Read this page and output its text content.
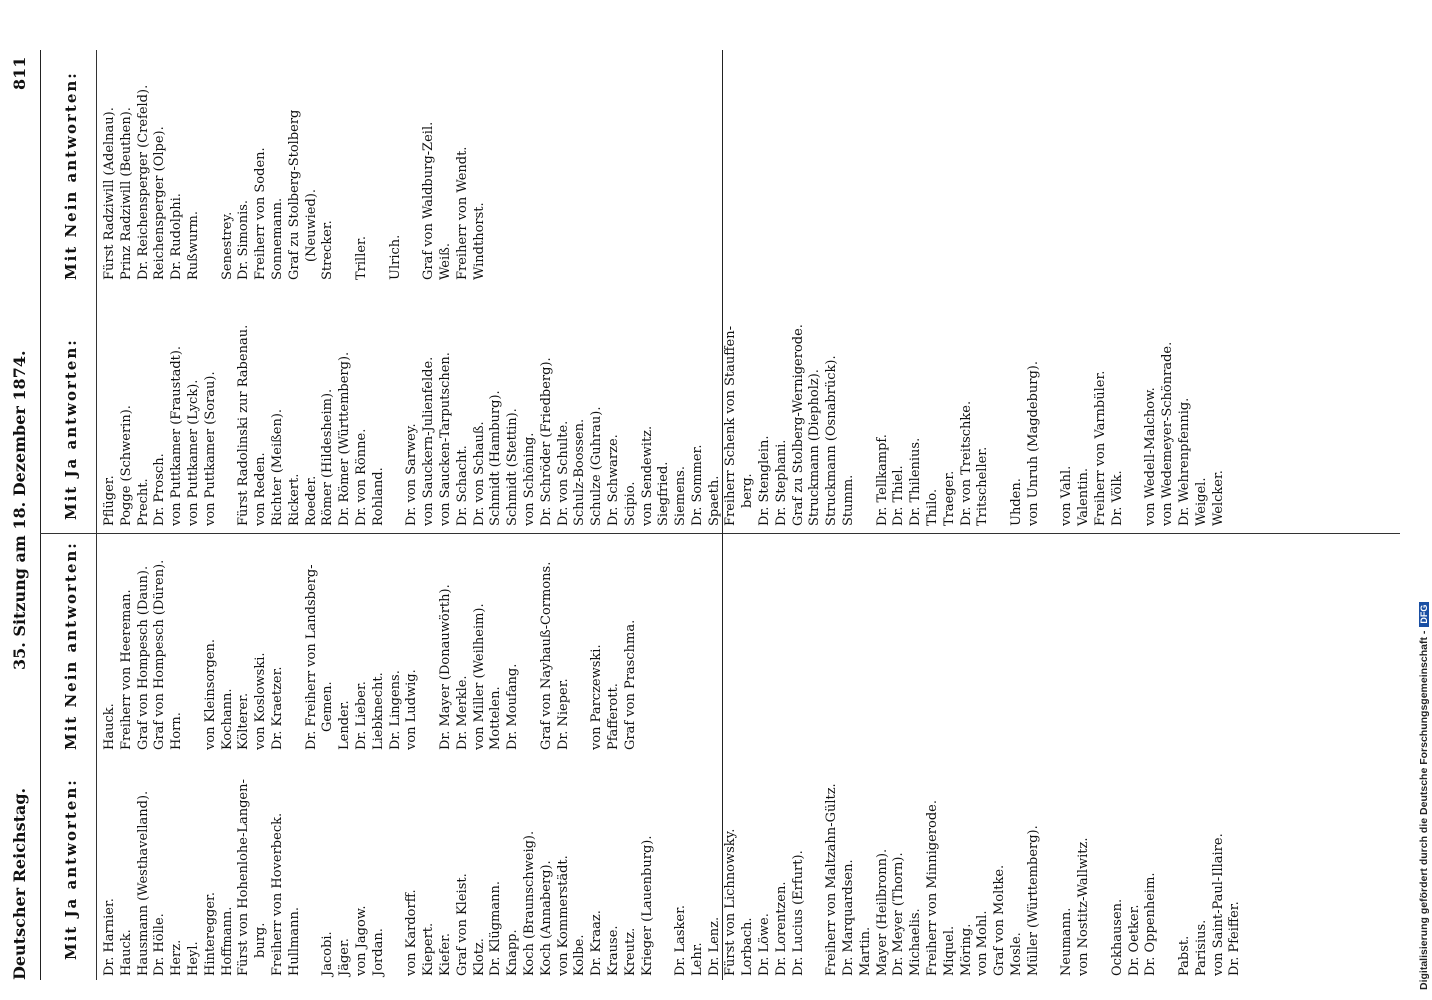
Deutscher Reichstag.
35. Sitzung am 18. Dezember 1874.
811
Mit Ja antworten:
Mit Nein antworten:
Mit Ja antworten:
Mit Nein antworten:
Dr. Harnier. Hauck. Hausmann (Westhavelland). Dr. Hölle. Herz. Heyl. Hinteregger. Hoffmann. Fürst von Hohenlohe-Langen- burg. Freiherr von Hoverbeck. Hullmann. Jacobi. Jäger. von Jagow. Jordan. von Kardorff. Kiepert. Kiefer. Graf von Kleist. Klotz. Dr. Klügmann. Knapp. Koch (Braunschweig). Koch (Annaberg). von Kommerstädt. Kolbe. Dr. Kraaz. Krause. Kreutz. Krieger (Lauenburg). Dr. Lasker. Lehr. Dr. Lenz. Fürst von Lichnowsky. Lorbach. Dr. Löwe. Dr. Lorentzen. Dr. Lucius (Erfurt). Freiherr von Maltzahn-Gültz. Dr. Marquardsen. Martin. Mayer (Heilbronn). Dr. Meyer (Thorn). Michaelis. Freiherr von Minnigerode. Miquel. Möring. von Mohl. Graf von Moltke. Mosle. Müller (Württemberg). Neumann. von Nostitz-Wallwitz. Ockhausen. Dr. Oetker. Dr. Oppenheim. Pabst. Parisius. von Saint-Paul-Illaire. Dr. Pfeiffer.
Hauck. Freiherr von Heereman. Graf von Hompesch (Daun). Graf von Hompesch (Düren). Horn. von Kleinsorgen. Kochann. Költerer. von Koslowski. Dr. Kraetzer. Dr. Freiherr von Landsberg- Gemen. Lender. Dr. Lieber. Liebknecht. Dr. Lingens. von Ludwig. Dr. Mayer (Donauwörth). Dr. Merkle. von Miller (Weilheim). Mottelen. Dr. Moufang. Graf von Nayhauß-Cormons. Dr. Nieper. von Parczewski. Pfafferott. Graf von Praschma.
Pflüger. Pogge (Schwerin). Precht. Dr. Prosch. von Puttkamer (Fraustadt). von Puttkamer (Lyck). von Puttkamer (Sorau). Fürst Radolinski zur Rabenau. von Reden. Richter (Meißen). Rickert. Roeder. Römer (Hildesheim). Dr. Römer (Württemberg). Dr. von Rönne. Rohland. Dr. von Sarwey. von Sauckern-Julienfelde. von Saucken-Tarputschen. Dr. Schacht. Dr. von Schauß. Schmidt (Hamburg). Schmidt (Stettin). von Schöning. Dr. Schröder (Friedberg). Dr. von Schulte. Schulz-Boossen. Schulze (Guhrau). Dr. Schwarze. Scipio. von Sendewitz. Siegfried. Siemens. Dr. Sommer. Spaeth. Freiherr Schenk von Stauffen- berg. Dr. Stenglein. Dr. Stephani. Graf zu Stolberg-Wernigerode. Struckmann (Diepholz). Struckmann (Osnabrück). Stumm. Dr. Tellkampf. Dr. Thiel. Dr. Thilenius. Thilo. Traeger. Dr. von Treitschke. Tritscheller. Uhden. von Unruh (Magdeburg). von Vahl. Valentin. Freiherr von Varnbüler. Dr. Völk. von Wedell-Malchow. von Wedemeyer-Schönrade. Dr. Wehrenpfennig. Weigel. Welcker.
Fürst Radziwill (Adelnau). Prinz Radziwill (Beuthen). Dr. Reichensperger (Crefeld). Reichensperger (Olpe). Dr. Rudolphi. Rußwurm. Senestrey. Dr. Simonis. Freiherr von Soden. Sonnemann. Graf zu Stolberg-Stolberg (Neuwied). Strecker. Triller. Ulrich. Graf von Waldburg-Zeil. Weiß. Freiherr von Wendt. Windthorst.
Digitalisierung gefördert durch die Deutsche Forschungsgemeinschaft -DFG
